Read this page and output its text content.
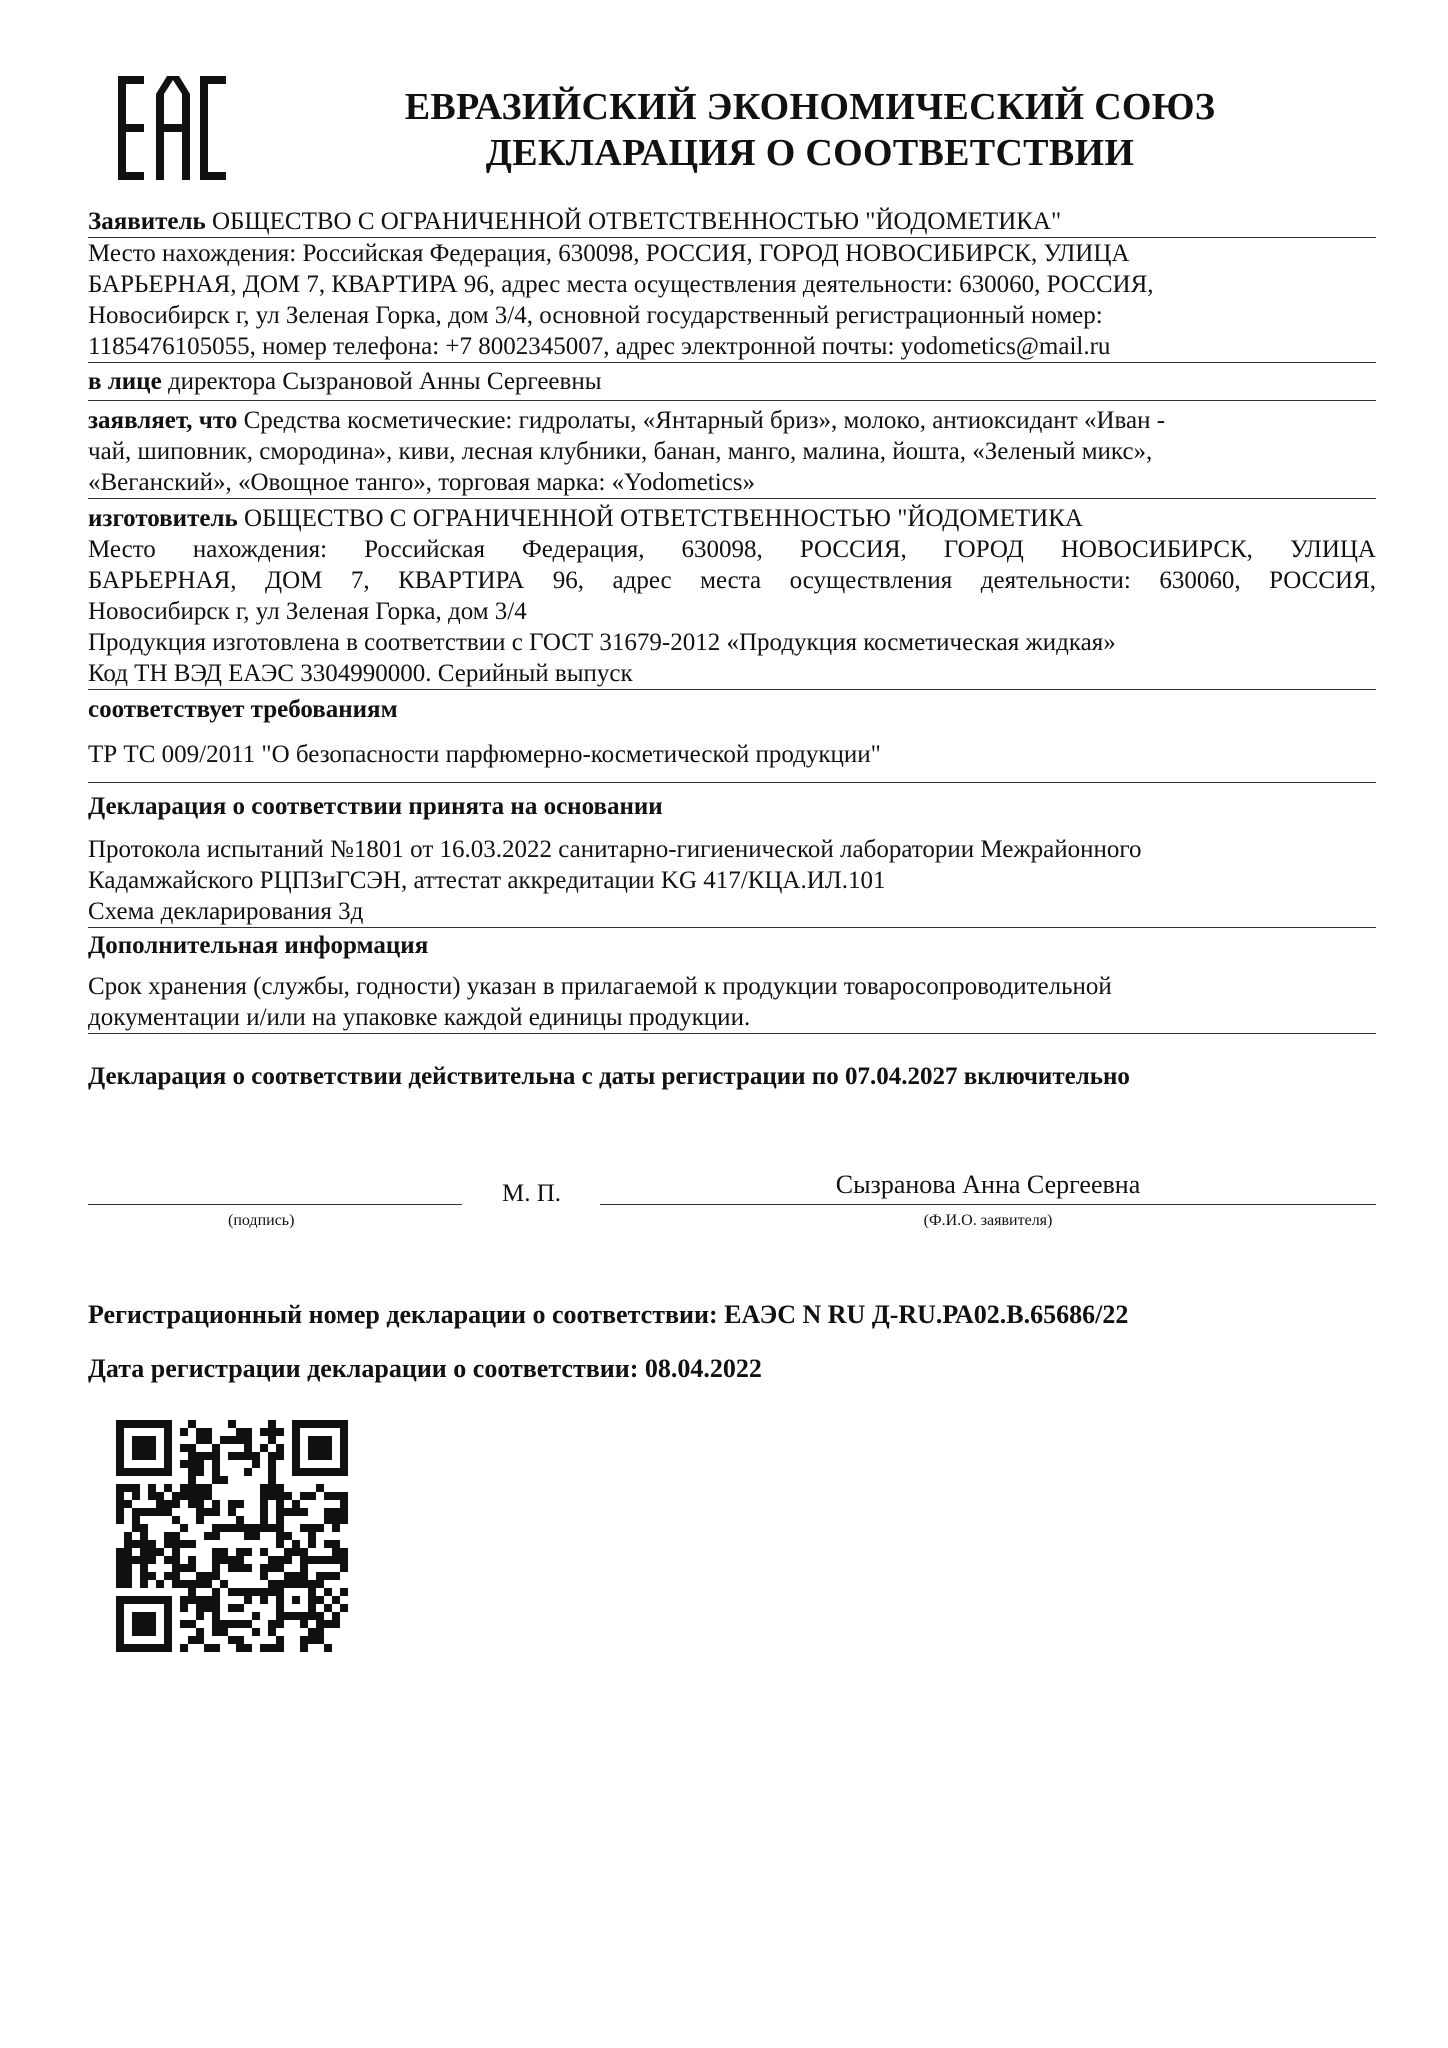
ЕВРАЗИЙСКИЙ ЭКОНОМИЧЕСКИЙ СОЮЗ
ДЕКЛАРАЦИЯ О СООТВЕТСТВИИ

Заявитель ОБЩЕСТВО С ОГРАНИЧЕННОЙ ОТВЕТСТВЕННОСТЬЮ "ЙОДОМЕТИКА"

Место нахождения: Российская Федерация, 630098, РОССИЯ, ГОРОД НОВОСИБИРСК, УЛИЦА

БАРЬЕРНАЯ, ДОМ 7, КВАРТИРА 96, адрес места осуществления деятельности: 630060, РОССИЯ,

Новосибирск г, ул Зеленая Горка, дом 3/4, основной государственный регистрационный номер:

1185476105055, номер телефона: +7 8002345007, адрес электронной почты: yodometics@mail.ru

в лице директора Сызрановой Анны Сергеевны

заявляет, что Средства косметические: гидролаты, «Янтарный бриз», молоко, антиоксидант «Иван -

чай, шиповник, смородина», киви, лесная клубники, банан, манго, малина, йошта, «Зеленый микс»,

«Веганский», «Овощное танго», торговая марка: «Yodometics»

изготовитель ОБЩЕСТВО С ОГРАНИЧЕННОЙ ОТВЕТСТВЕННОСТЬЮ "ЙОДОМЕТИКА

Место нахождения: Российская Федерация, 630098, РОССИЯ, ГОРОД НОВОСИБИРСК, УЛИЦА

БАРЬЕРНАЯ, ДОМ 7, КВАРТИРА 96, адрес места осуществления деятельности: 630060, РОССИЯ,

Новосибирск г, ул Зеленая Горка, дом 3/4

Продукция изготовлена в соответствии с ГОСТ 31679-2012 «Продукция косметическая жидкая»

Код ТН ВЭД ЕАЭС 3304990000. Серийный выпуск

соответствует требованиям

ТР ТС 009/2011 "О безопасности парфюмерно-косметической продукции"

Декларация о соответствии принята на основании

Протокола испытаний №1801 от 16.03.2022 санитарно-гигиенической лаборатории Межрайонного

Кадамжайского РЦПЗиГСЭН, аттестат аккредитации KG 417/КЦА.ИЛ.101

Схема декларирования 3д

Дополнительная информация

Срок хранения (службы, годности) указан в прилагаемой к продукции товаросопроводительной

документации и/или на упаковке каждой единицы продукции.

Декларация о соответствии действительна с даты регистрации по 07.04.2027 включительно

М. П.	Сызранова Анна Сергеевна
(подпись)	(Ф.И.О. заявителя)
Регистрационный номер декларации о соответствии: ЕАЭС N RU Д-RU.РА02.В.65686/22
Дата регистрации декларации о соответствии: 08.04.2022
